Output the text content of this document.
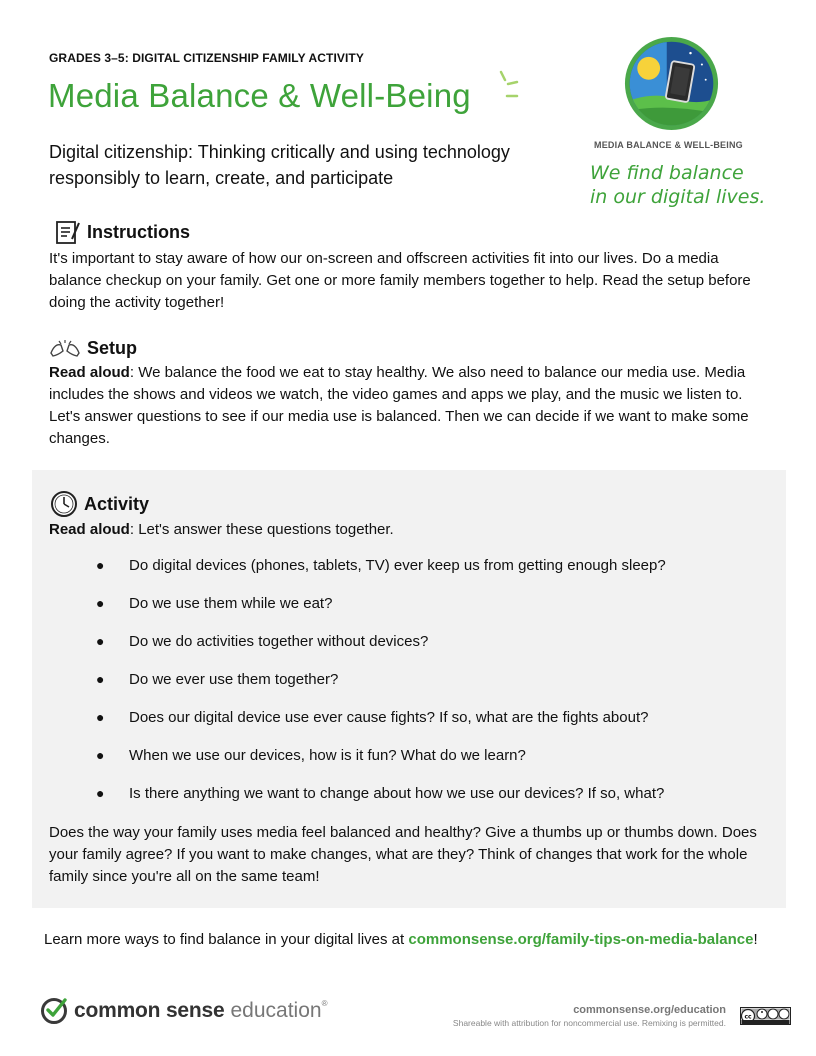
GRADES 3–5: DIGITAL CITIZENSHIP FAMILY ACTIVITY
Media Balance & Well-Being

Digital citizenship: Thinking critically and using technology responsibly to learn, create, and participate

MEDIA BALANCE & WELL-BEING
We find balance
in our digital lives.
Instructions

It's important to stay aware of how our on-screen and offscreen activities fit into our lives. Do a media balance checkup on your family. Get one or more family members together to help. Read the setup before doing the activity together!

Setup

Read aloud: We balance the food we eat to stay healthy. We also need to balance our media use. Media includes the shows and videos we watch, the video games and apps we play, and the music we listen to. Let's answer questions to see if our media use is balanced. Then we can decide if we want to make some changes.

Activity

Read aloud: Let's answer these questions together.

●	Do digital devices (phones, tablets, TV) ever keep us from getting enough sleep?
●	Do we use them while we eat?
●	Do we do activities together without devices?
●	Do we ever use them together?
●	Does our digital device use ever cause fights? If so, what are the fights about?
●	When we use our devices, how is it fun? What do we learn?
●	Is there anything we want to change about how we use our devices? If so, what?

Does the way your family uses media feel balanced and healthy? Give a thumbs up or thumbs down. Does your family agree? If you want to make changes, what are they? Think of changes that work for the whole family since you're all on the same team!

Learn more ways to find balance in your digital lives at commonsense.org/family-tips-on-media-balance!

common sense education®
commonsense.org/education
Shareable with attribution for noncommercial use. Remixing is permitted.
cc
